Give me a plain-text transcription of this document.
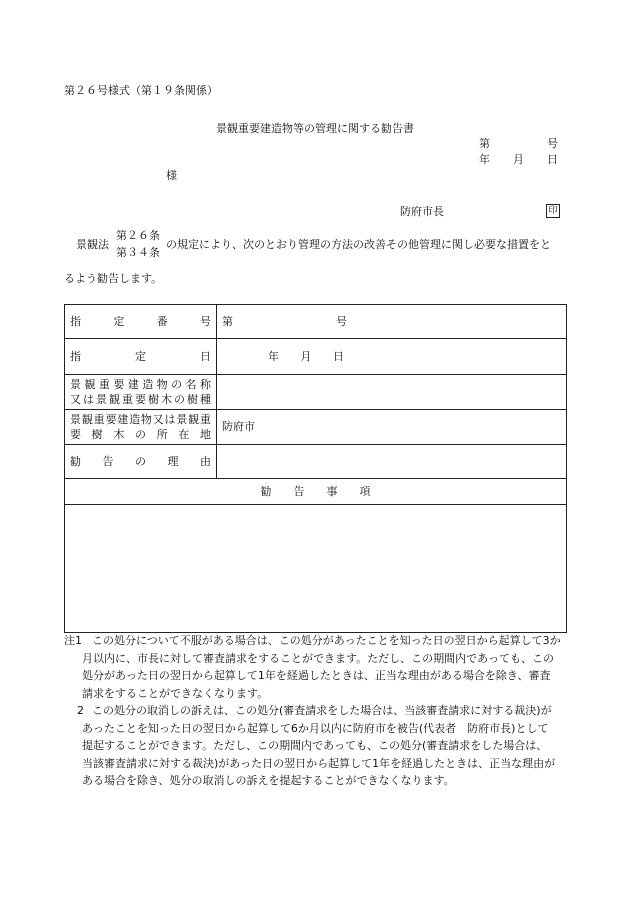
第２６号様式（第１９条関係）
景観重要建造物等の管理に関する勧告書
第	号
年 月 日
様
防府市長	印
景観法
第２６条
第３４条
の規定により、次のとおり管理の方法の改善その他管理に関し必要な措置をと
るよう勧告します。
指 定 番 号	第 号

指 定 日	年 月 日

景観重要建造物の名称
又は景観重要樹木の樹種	

景観重要建造物又は景観重
要樹木の所在地	防府市

勧 告 の 理 由	

勧 告 事 項	

注1 この処分について不服がある場合は、この処分があったことを知った日の翌日から起算して3か
月以内に、市長に対して審査請求をすることができます。ただし、この期間内であっても、この
処分があった日の翌日から起算して1年を経過したときは、正当な理由がある場合を除き、審査
請求をすることができなくなります。
2 この処分の取消しの訴えは、この処分(審査請求をした場合は、当該審査請求に対する裁決)が
あったことを知った日の翌日から起算して6か月以内に防府市を被告(代表者　防府市長)として
提起することができます。ただし、この期間内であっても、この処分(審査請求をした場合は、
当該審査請求に対する裁決)があった日の翌日から起算して1年を経過したときは、正当な理由が
ある場合を除き、処分の取消しの訴えを提起することができなくなります。
